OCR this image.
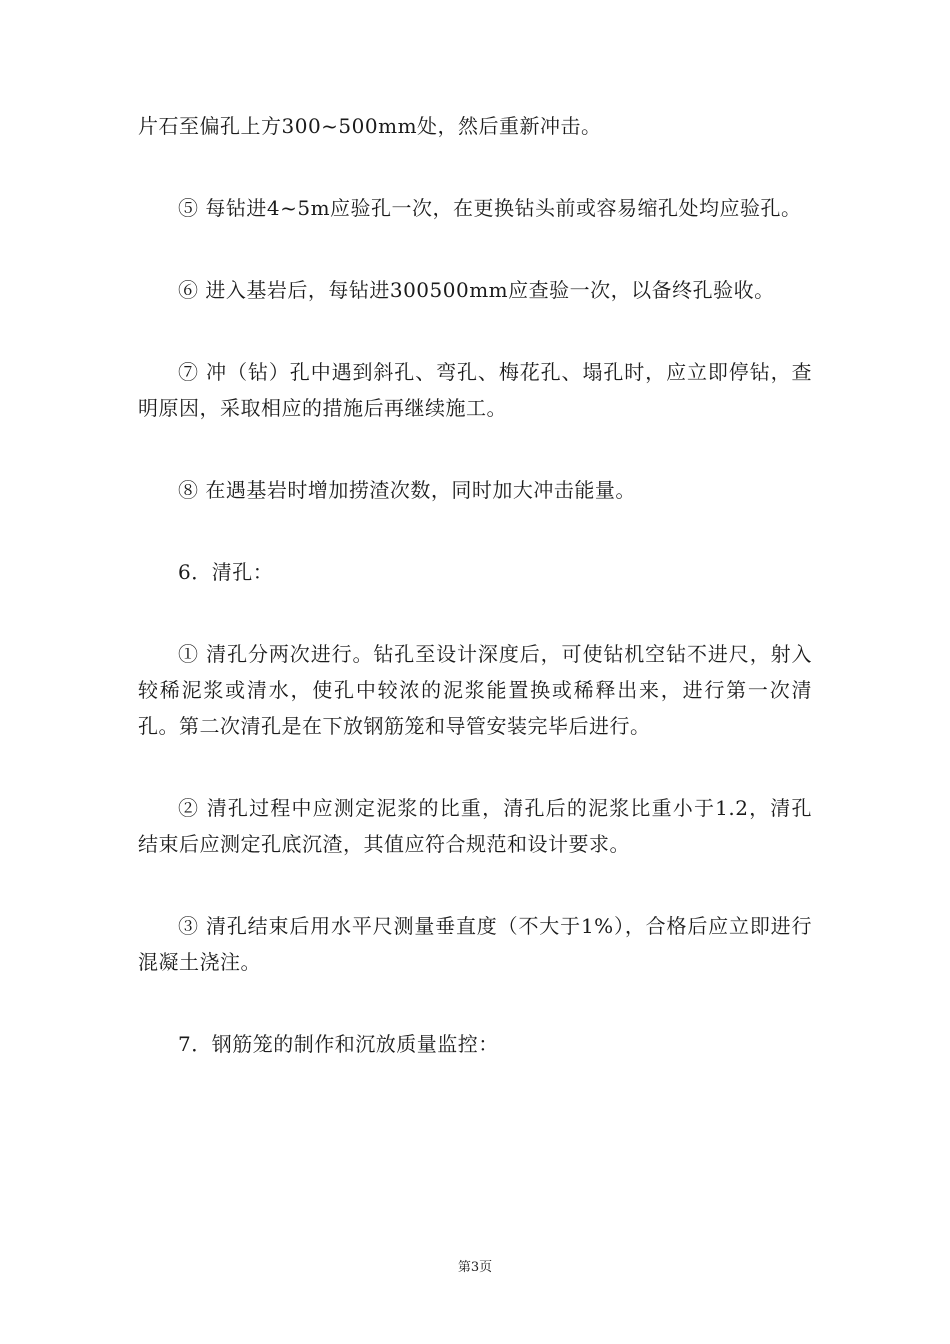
片石至偏孔上方300~500mm处，然后重新冲击。

⑤ 每钻进4~5m应验孔一次，在更换钻头前或容易缩孔处均应验孔。

⑥ 进入基岩后，每钻进300500mm应查验一次，以备终孔验收。

⑦ 冲（钻）孔中遇到斜孔、弯孔、梅花孔、塌孔时，应立即停钻，查明原因，采取相应的措施后再继续施工。

⑧ 在遇基岩时增加捞渣次数，同时加大冲击能量。

6．清孔：

① 清孔分两次进行。钻孔至设计深度后，可使钻机空钻不进尺，射入较稀泥浆或清水，使孔中较浓的泥浆能置换或稀释出来，进行第一次清孔。第二次清孔是在下放钢筋笼和导管安装完毕后进行。

② 清孔过程中应测定泥浆的比重，清孔后的泥浆比重小于1.2，清孔结束后应测定孔底沉渣，其值应符合规范和设计要求。

③ 清孔结束后用水平尺测量垂直度（不大于1%），合格后应立即进行混凝土浇注。

7．钢筋笼的制作和沉放质量监控：

第3页
